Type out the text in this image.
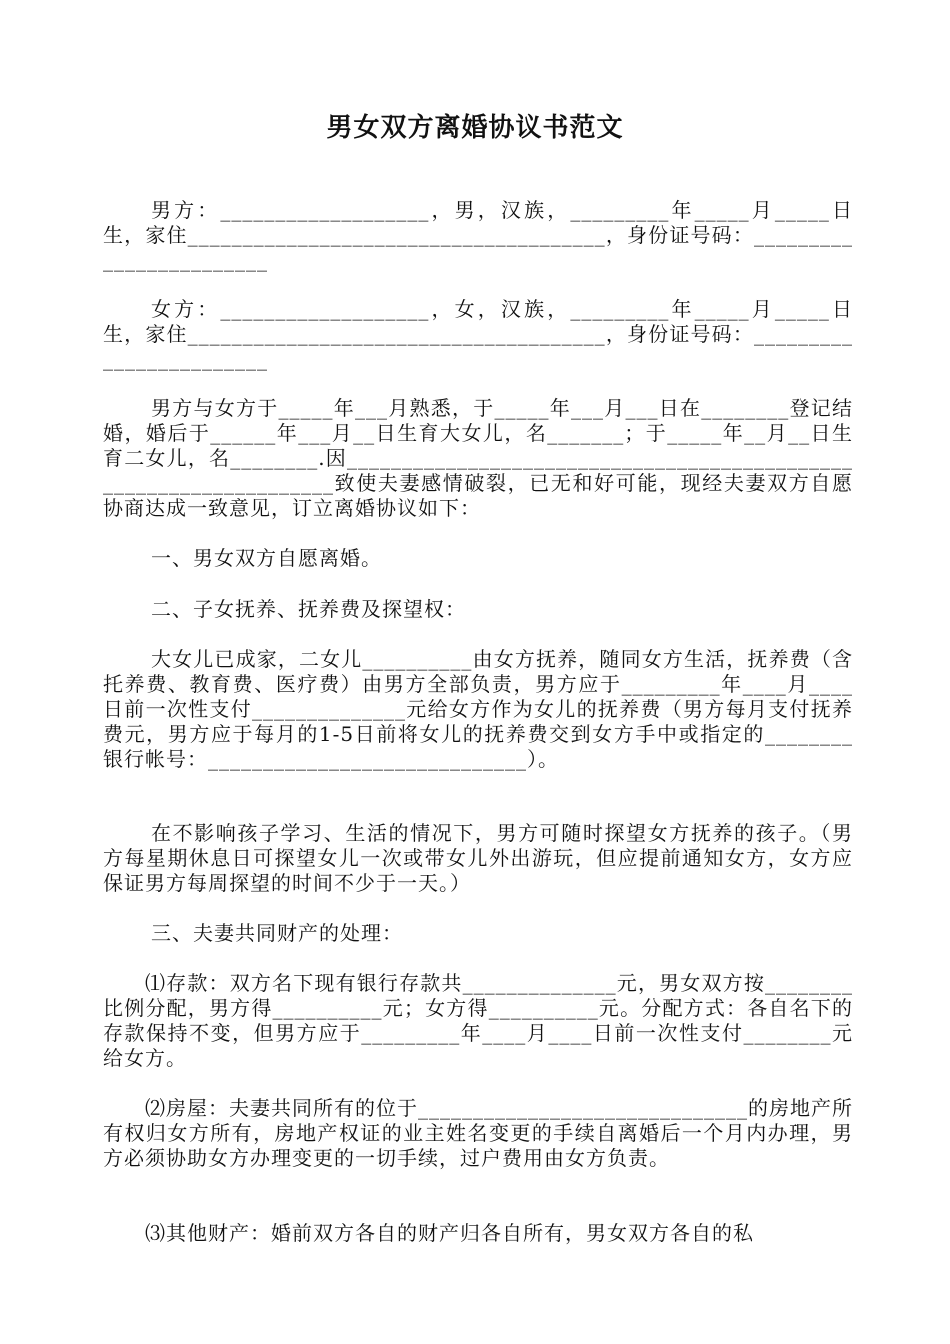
男女双方离婚协议书范文

男方：___________________，男，汉族，_________年_____月_____日生，家住______________________________________，身份证号码：________________________

女方：___________________，女，汉族，_________年_____月_____日生，家住______________________________________，身份证号码：________________________

男方与女方于_____年___月熟悉，于_____年___月___日在________登记结婚，婚后于______年___月__日生育大女儿，名_______；于_____年__月__日生育二女儿，名________.因___________________________________________________________________致使夫妻感情破裂，已无和好可能，现经夫妻双方自愿协商达成一致意见，订立离婚协议如下：

一、男女双方自愿离婚。

二、子女抚养、抚养费及探望权：

大女儿已成家，二女儿__________由女方抚养，随同女方生活，抚养费（含托养费、教育费、医疗费）由男方全部负责，男方应于_________年____月____日前一次性支付______________元给女方作为女儿的抚养费（男方每月支付抚养费元，男方应于每月的1-5日前将女儿的抚养费交到女方手中或指定的________银行帐号：_____________________________）。

在不影响孩子学习、生活的情况下，男方可随时探望女方抚养的孩子。（男方每星期休息日可探望女儿一次或带女儿外出游玩，但应提前通知女方，女方应保证男方每周探望的时间不少于一天。）

三、夫妻共同财产的处理：

⑴存款：双方名下现有银行存款共______________元，男女双方按________比例分配，男方得__________元；女方得__________元。分配方式：各自名下的存款保持不变，但男方应于_________年____月____日前一次性支付________元给女方。

⑵房屋：夫妻共同所有的位于______________________________的房地产所有权归女方所有，房地产权证的业主姓名变更的手续自离婚后一个月内办理，男方必须协助女方办理变更的一切手续，过户费用由女方负责。

⑶其他财产：婚前双方各自的财产归各自所有，男女双方各自的私
